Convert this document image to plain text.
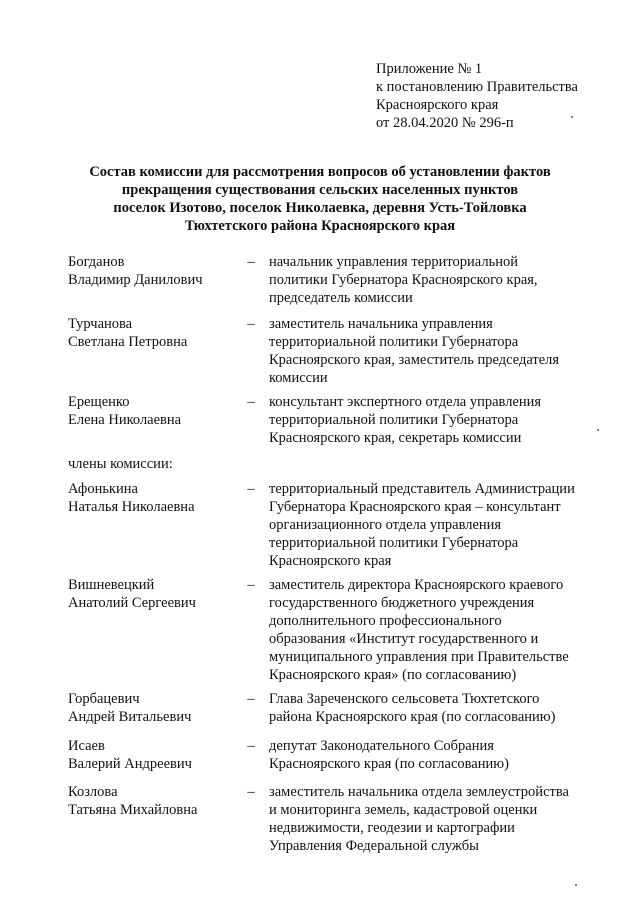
Приложение № 1
к постановлению Правительства
Красноярского края
от 28.04.2020 № 296-п
Состав комиссии для рассмотрения вопросов об установлении фактов
прекращения существования сельских населенных пунктов
поселок Изотово, поселок Николаевка, деревня Усть-Тойловка
Тюхтетского района Красноярского края
Богданов
Владимир Данилович
– начальник управления территориальной
политики Губернатора Красноярского края,
председатель комиссии
Турчанова
Светлана Петровна
– заместитель начальника управления
территориальной политики Губернатора
Красноярского края, заместитель председателя
комиссии
Ерещенко
Елена Николаевна
– консультант экспертного отдела управления
территориальной политики Губернатора
Красноярского края, секретарь комиссии
члены комиссии:
Афонькина
Наталья Николаевна
– территориальный представитель Администрации
Губернатора Красноярского края – консультант
организационного отдела управления
территориальной политики Губернатора
Красноярского края
Вишневецкий
Анатолий Сергеевич
– заместитель директора Красноярского краевого
государственного бюджетного учреждения
дополнительного профессионального
образования «Институт государственного и
муниципального управления при Правительстве
Красноярского края» (по согласованию)
Горбацевич
Андрей Витальевич
– Глава Зареченского сельсовета Тюхтетского
района Красноярского края (по согласованию)
Исаев
Валерий Андреевич
– депутат Законодательного Собрания
Красноярского края (по согласованию)
Козлова
Татьяна Михайловна
– заместитель начальника отдела землеустройства
и мониторинга земель, кадастровой оценки
недвижимости, геодезии и картографии
Управления Федеральной службы
